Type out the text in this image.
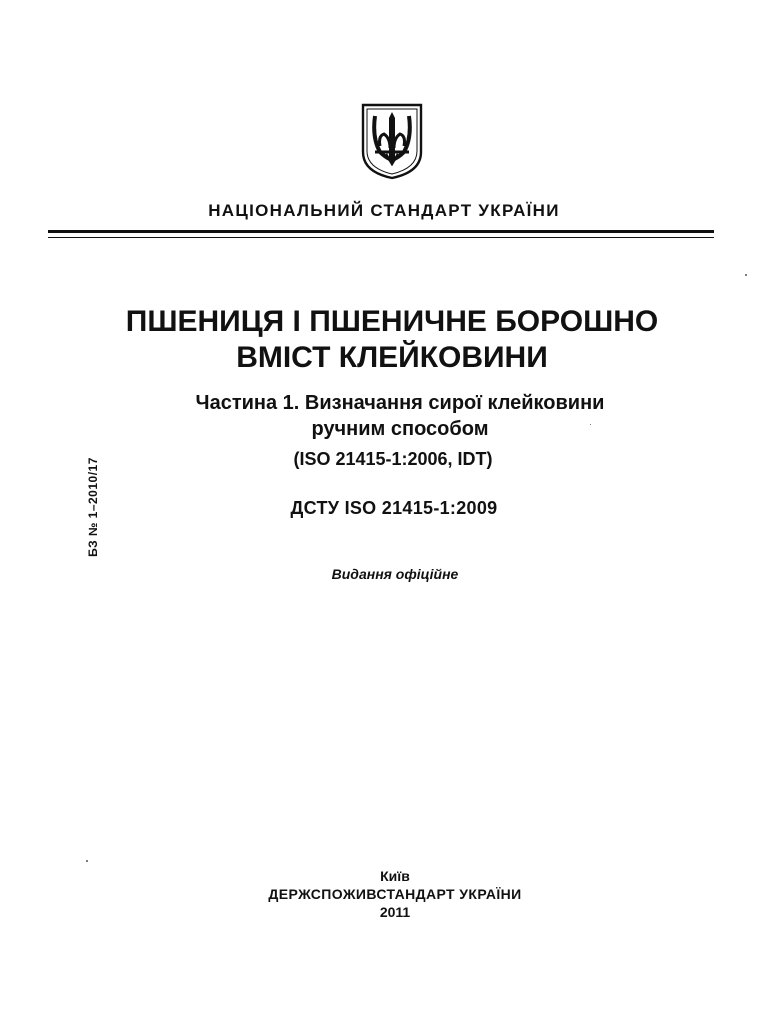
НАЦІОНАЛЬНИЙ СТАНДАРТ УКРАЇНИ
ПШЕНИЦЯ І ПШЕНИЧНЕ БОРОШНО
ВМІСТ КЛЕЙКОВИНИ
Частина 1. Визначання сирої клейковини
ручним способом
(ISO 21415-1:2006, IDT)
ДСТУ ISO 21415-1:2009
Видання офіційне
БЗ № 1–2010/17
Київ
ДЕРЖСПОЖИВСТАНДАРТ УКРАЇНИ
2011
